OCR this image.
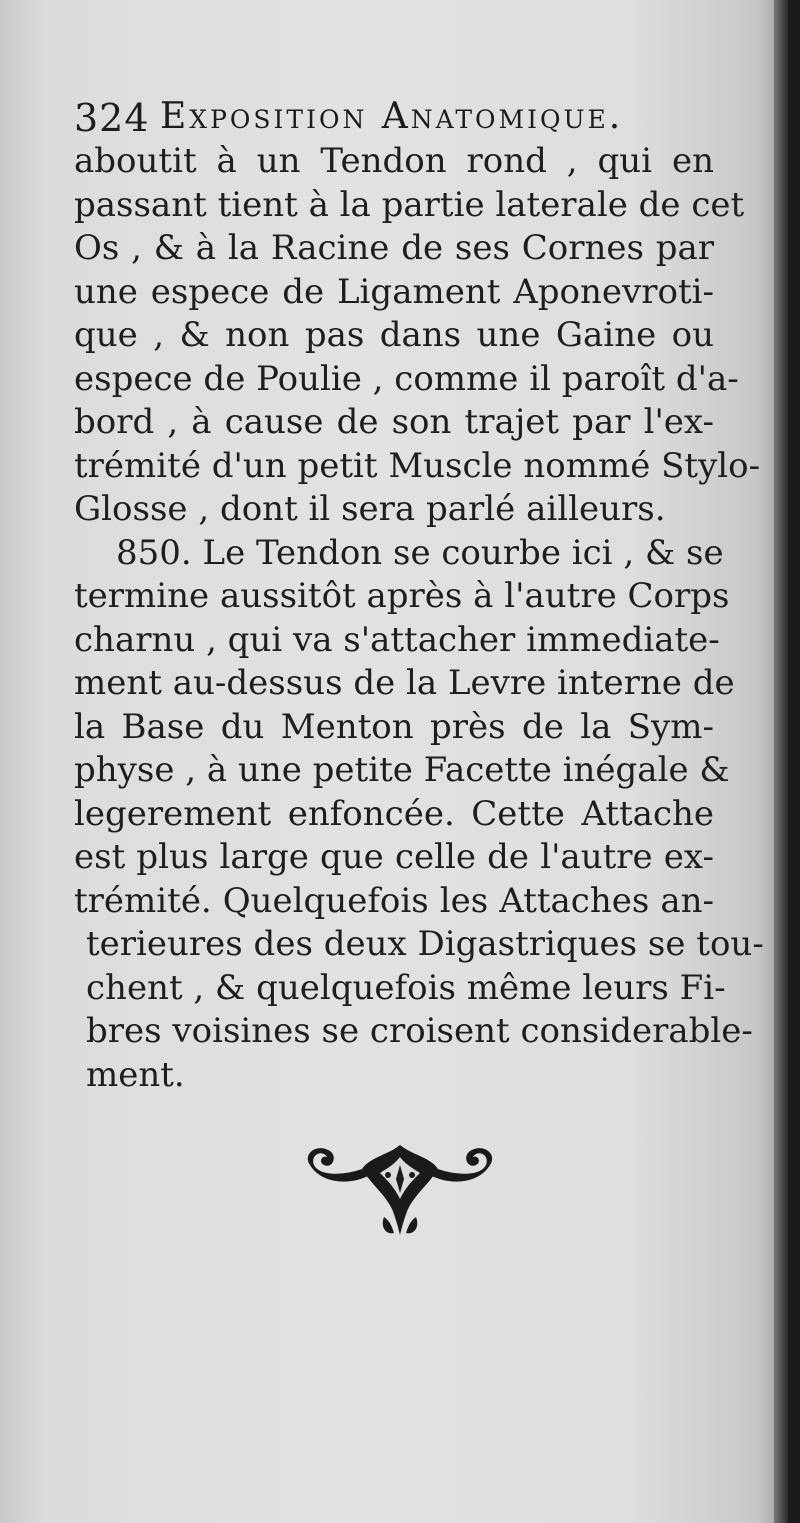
324 Exposition Anatomique.
aboutit à un Tendon rond , qui en
passant tient à la partie laterale de cet
Os , & à la Racine de ses Cornes par
une espece de Ligament Aponevroti-
que , & non pas dans une Gaine ou
espece de Poulie , comme il paroît d'a-
bord , à cause de son trajet par l'ex-
trémité d'un petit Muscle nommé Stylo-
Glosse , dont il sera parlé ailleurs.
850. Le Tendon se courbe ici , & se
termine aussitôt après à l'autre Corps
charnu , qui va s'attacher immediate-
ment au-dessus de la Levre interne de
la Base du Menton près de la Sym-
physe , à une petite Facette inégale &
legerement enfoncée. Cette Attache
est plus large que celle de l'autre ex-
trémité. Quelquefois les Attaches an-
terieures des deux Digastriques se tou-
chent , & quelquefois même leurs Fi-
bres voisines se croisent considerable-
ment.
